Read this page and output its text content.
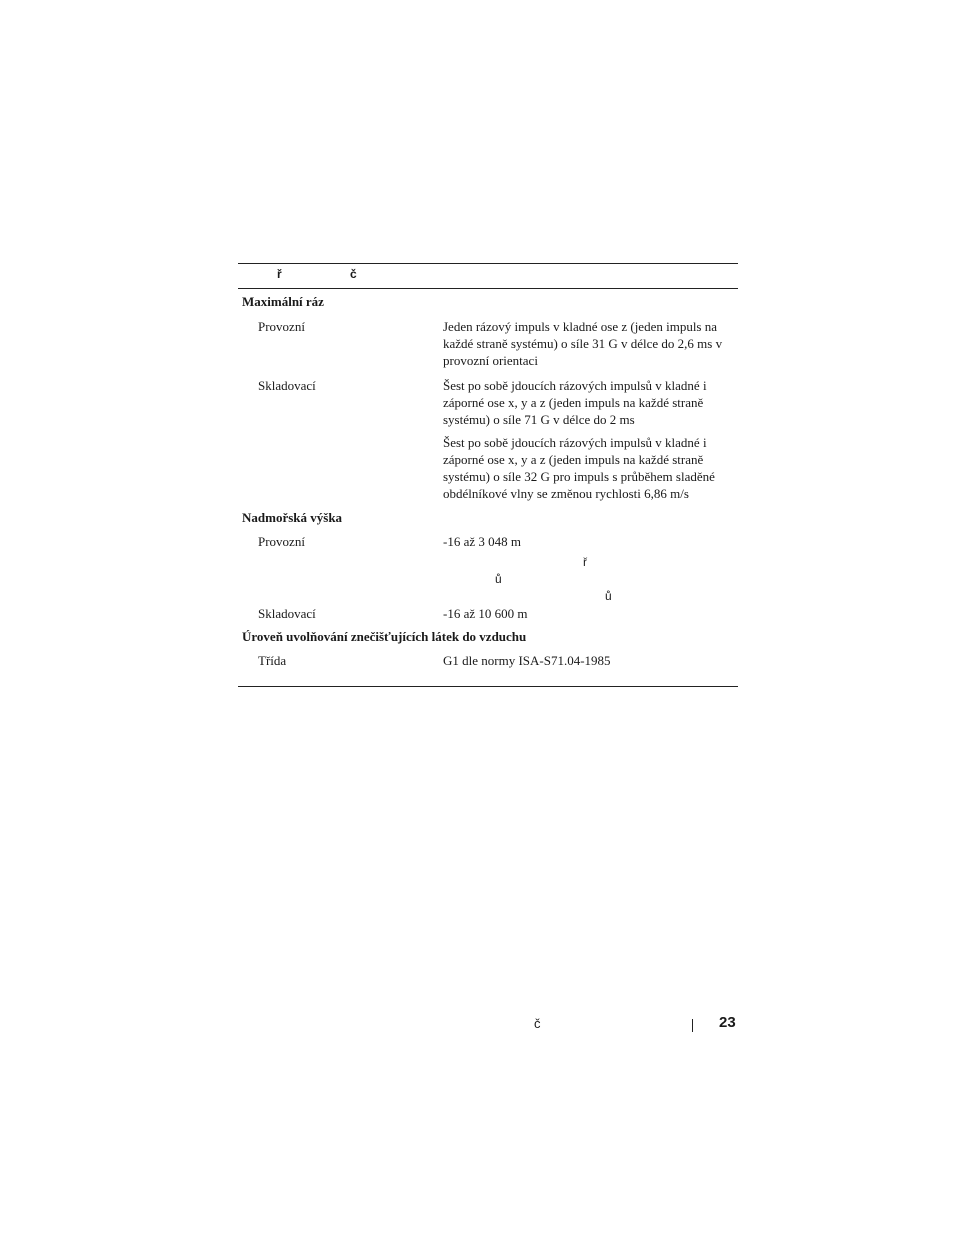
ř	č
Maximální ráz
Provozní	Jeden rázový impuls v kladné ose z (jeden impuls na každé straně systému) o síle 31 G v délce do 2,6 ms v provozní orientaci
Skladovací	Šest po sobě jdoucích rázových impulsů v kladné i záporné ose x, y a z (jeden impuls na každé straně systému) o síle 71 G v délce do 2 ms
Šest po sobě jdoucích rázových impulsů v kladné i záporné ose x, y a z (jeden impuls na každé straně systému) o síle 32 G pro impuls s průběhem sladěné obdélníkové vlny se změnou rychlosti 6,86 m/s
Nadmořská výška
Provozní	-16 až 3 048 m
ř
ů
ů
Skladovací	-16 až 10 600 m
Úroveň uvolňování znečišťujících látek do vzduchu
Třída	G1 dle normy ISA-S71.04-1985
č	23
